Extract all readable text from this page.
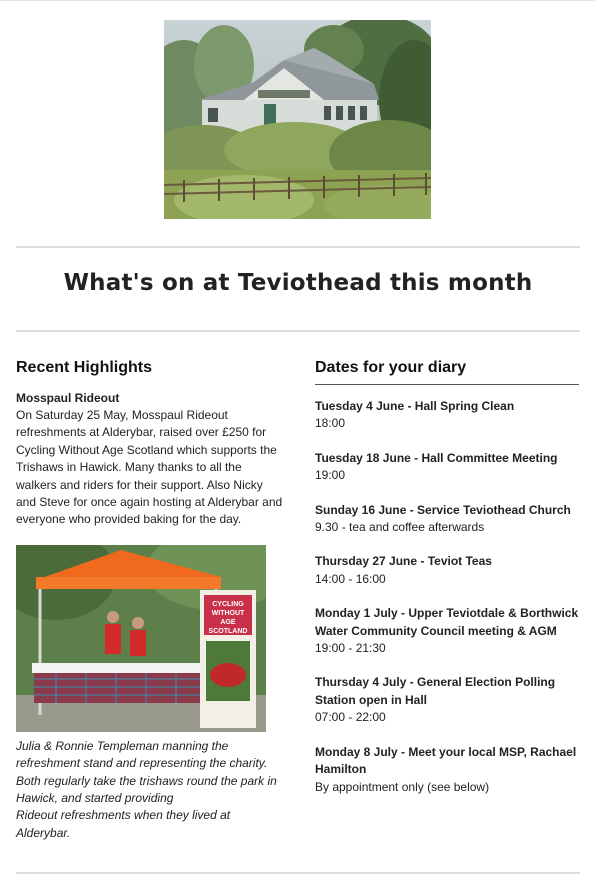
What's on at Teviothead this month
Recent Highlights
Mosspaul Rideout

On Saturday 25 May, Mosspaul Rideout refreshments at Alderybar, raised over £250 for Cycling Without Age Scotland which supports the Trishaws in Hawick. Many thanks to all the walkers and riders for their support. Also Nicky and Steve for once again hosting at Alderybar and everyone who provided baking for the day.

CYCLING
WITHOUT
AGE
SCOTLAND
Julia & Ronnie Templeman manning the refreshment stand and representing the charity. Both regularly take the trishaws round the park in Hawick, and started providing
Rideout refreshments when they lived at Alderybar.
Dates for your diary
Tuesday 4 June - Hall Spring Clean
18:00
Tuesday 18 June - Hall Committee Meeting
19:00
Sunday 16 June - Service Teviothead Church
9.30 - tea and coffee afterwards
Thursday 27 June - Teviot Teas
14:00 - 16:00
Monday 1 July - Upper Teviotdale & Borthwick Water Community Council meeting & AGM
19:00 - 21:30
Thursday 4 July - General Election Polling Station open in Hall
07:00 - 22:00
Monday 8 July - Meet your local MSP, Rachael Hamilton
By appointment only (see below)
